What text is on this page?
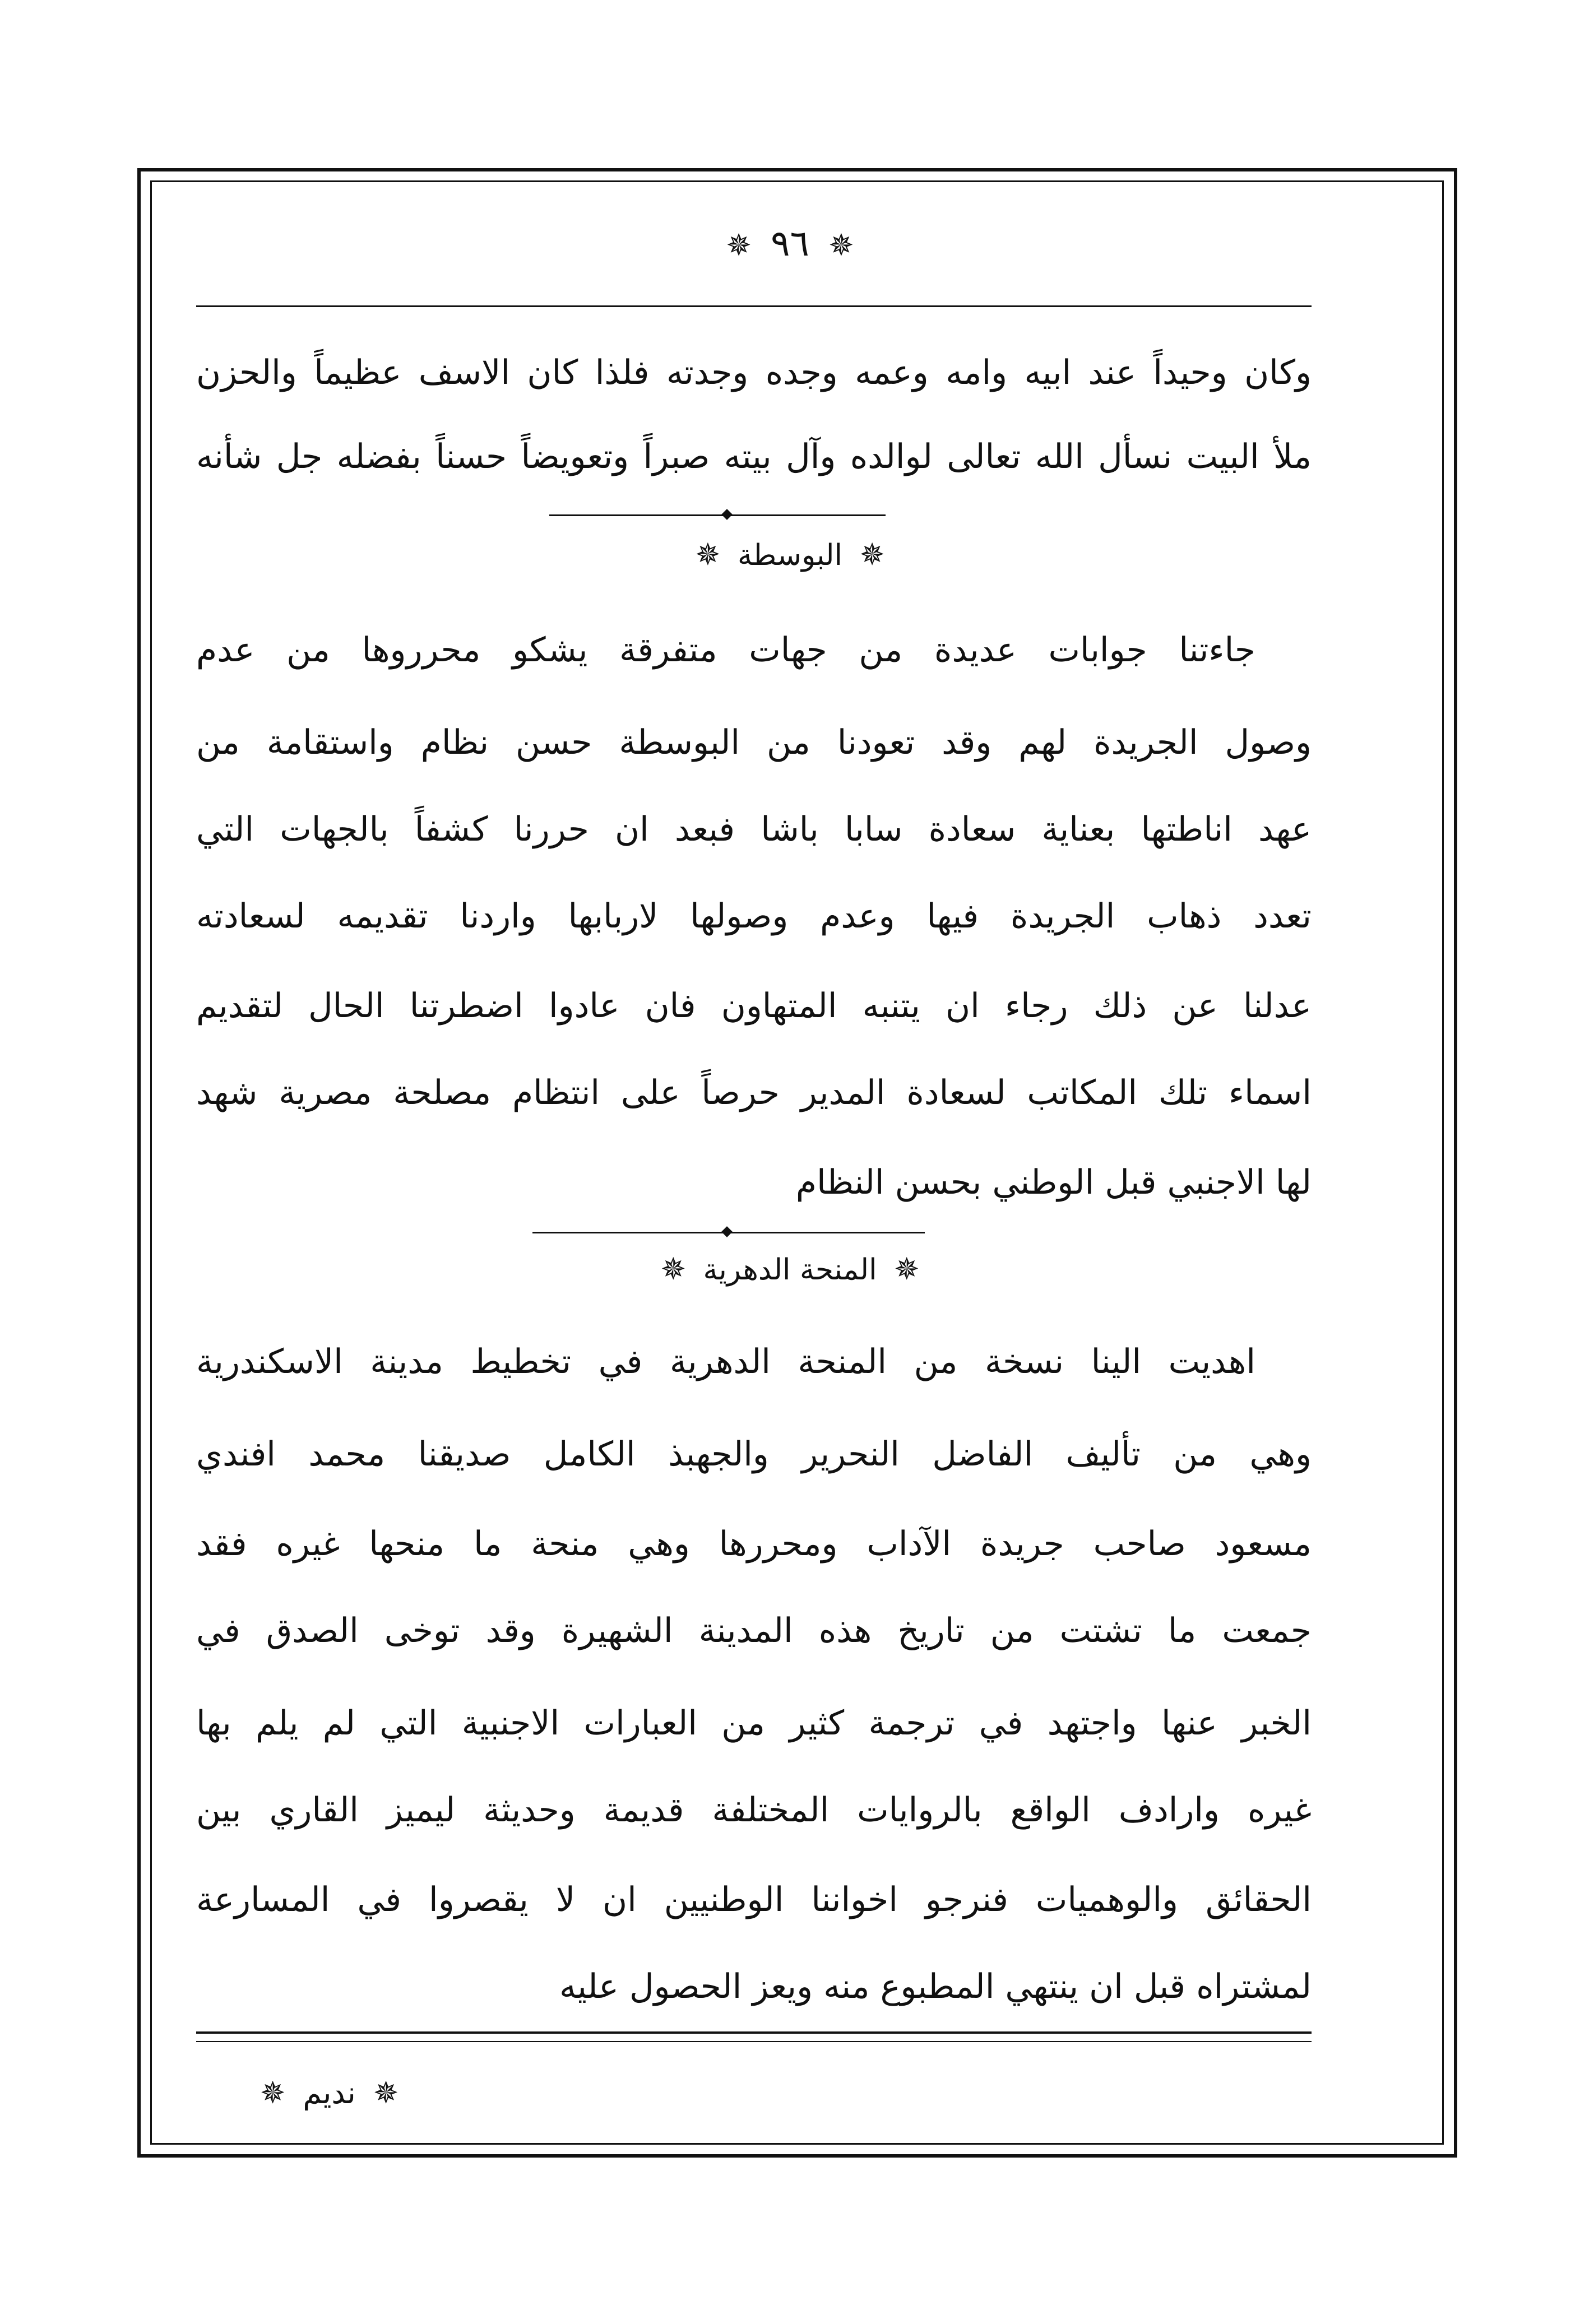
✵ ٩٦ ✵
وكان وحيداً عند ابيه وامه وعمه وجده وجدته فلذا كان الاسف عظيماً والحزن
ملأ البيت نسأل الله تعالى لوالده وآل بيته صبراً وتعويضاً حسناً بفضله جل شأنه
✵ البوسطة ✵
جاءتنا جوابات عديدة من جهات متفرقة يشكو محرروها من عدم
وصول الجريدة لهم وقد تعودنا من البوسطة حسن نظام واستقامة من
عهد اناطتها بعناية سعادة سابا باشا فبعد ان حررنا كشفاً بالجهات التي
تعدد ذهاب الجريدة فيها وعدم وصولها لاربابها واردنا تقديمه لسعادته
عدلنا عن ذلك رجاء ان يتنبه المتهاون فان عادوا اضطرتنا الحال لتقديم
اسماء تلك المكاتب لسعادة المدير حرصاً على انتظام مصلحة مصرية شهد
لها الاجنبي قبل الوطني بحسن النظام
✵ المنحة الدهرية ✵
اهديت الينا نسخة من المنحة الدهرية في تخطيط مدينة الاسكندرية
وهي من تأليف الفاضل النحرير والجهبذ الكامل صديقنا محمد افندي
مسعود صاحب جريدة الآداب ومحررها وهي منحة ما منحها غيره فقد
جمعت ما تشتت من تاريخ هذه المدينة الشهيرة وقد توخى الصدق في
الخبر عنها واجتهد في ترجمة كثير من العبارات الاجنبية التي لم يلم بها
غيره وارادف الواقع بالروايات المختلفة قديمة وحديثة ليميز القاري بين
الحقائق والوهميات فنرجو اخواننا الوطنيين ان لا يقصروا في المسارعة
لمشتراه قبل ان ينتهي المطبوع منه ويعز الحصول عليه
✵ نديم ✵
